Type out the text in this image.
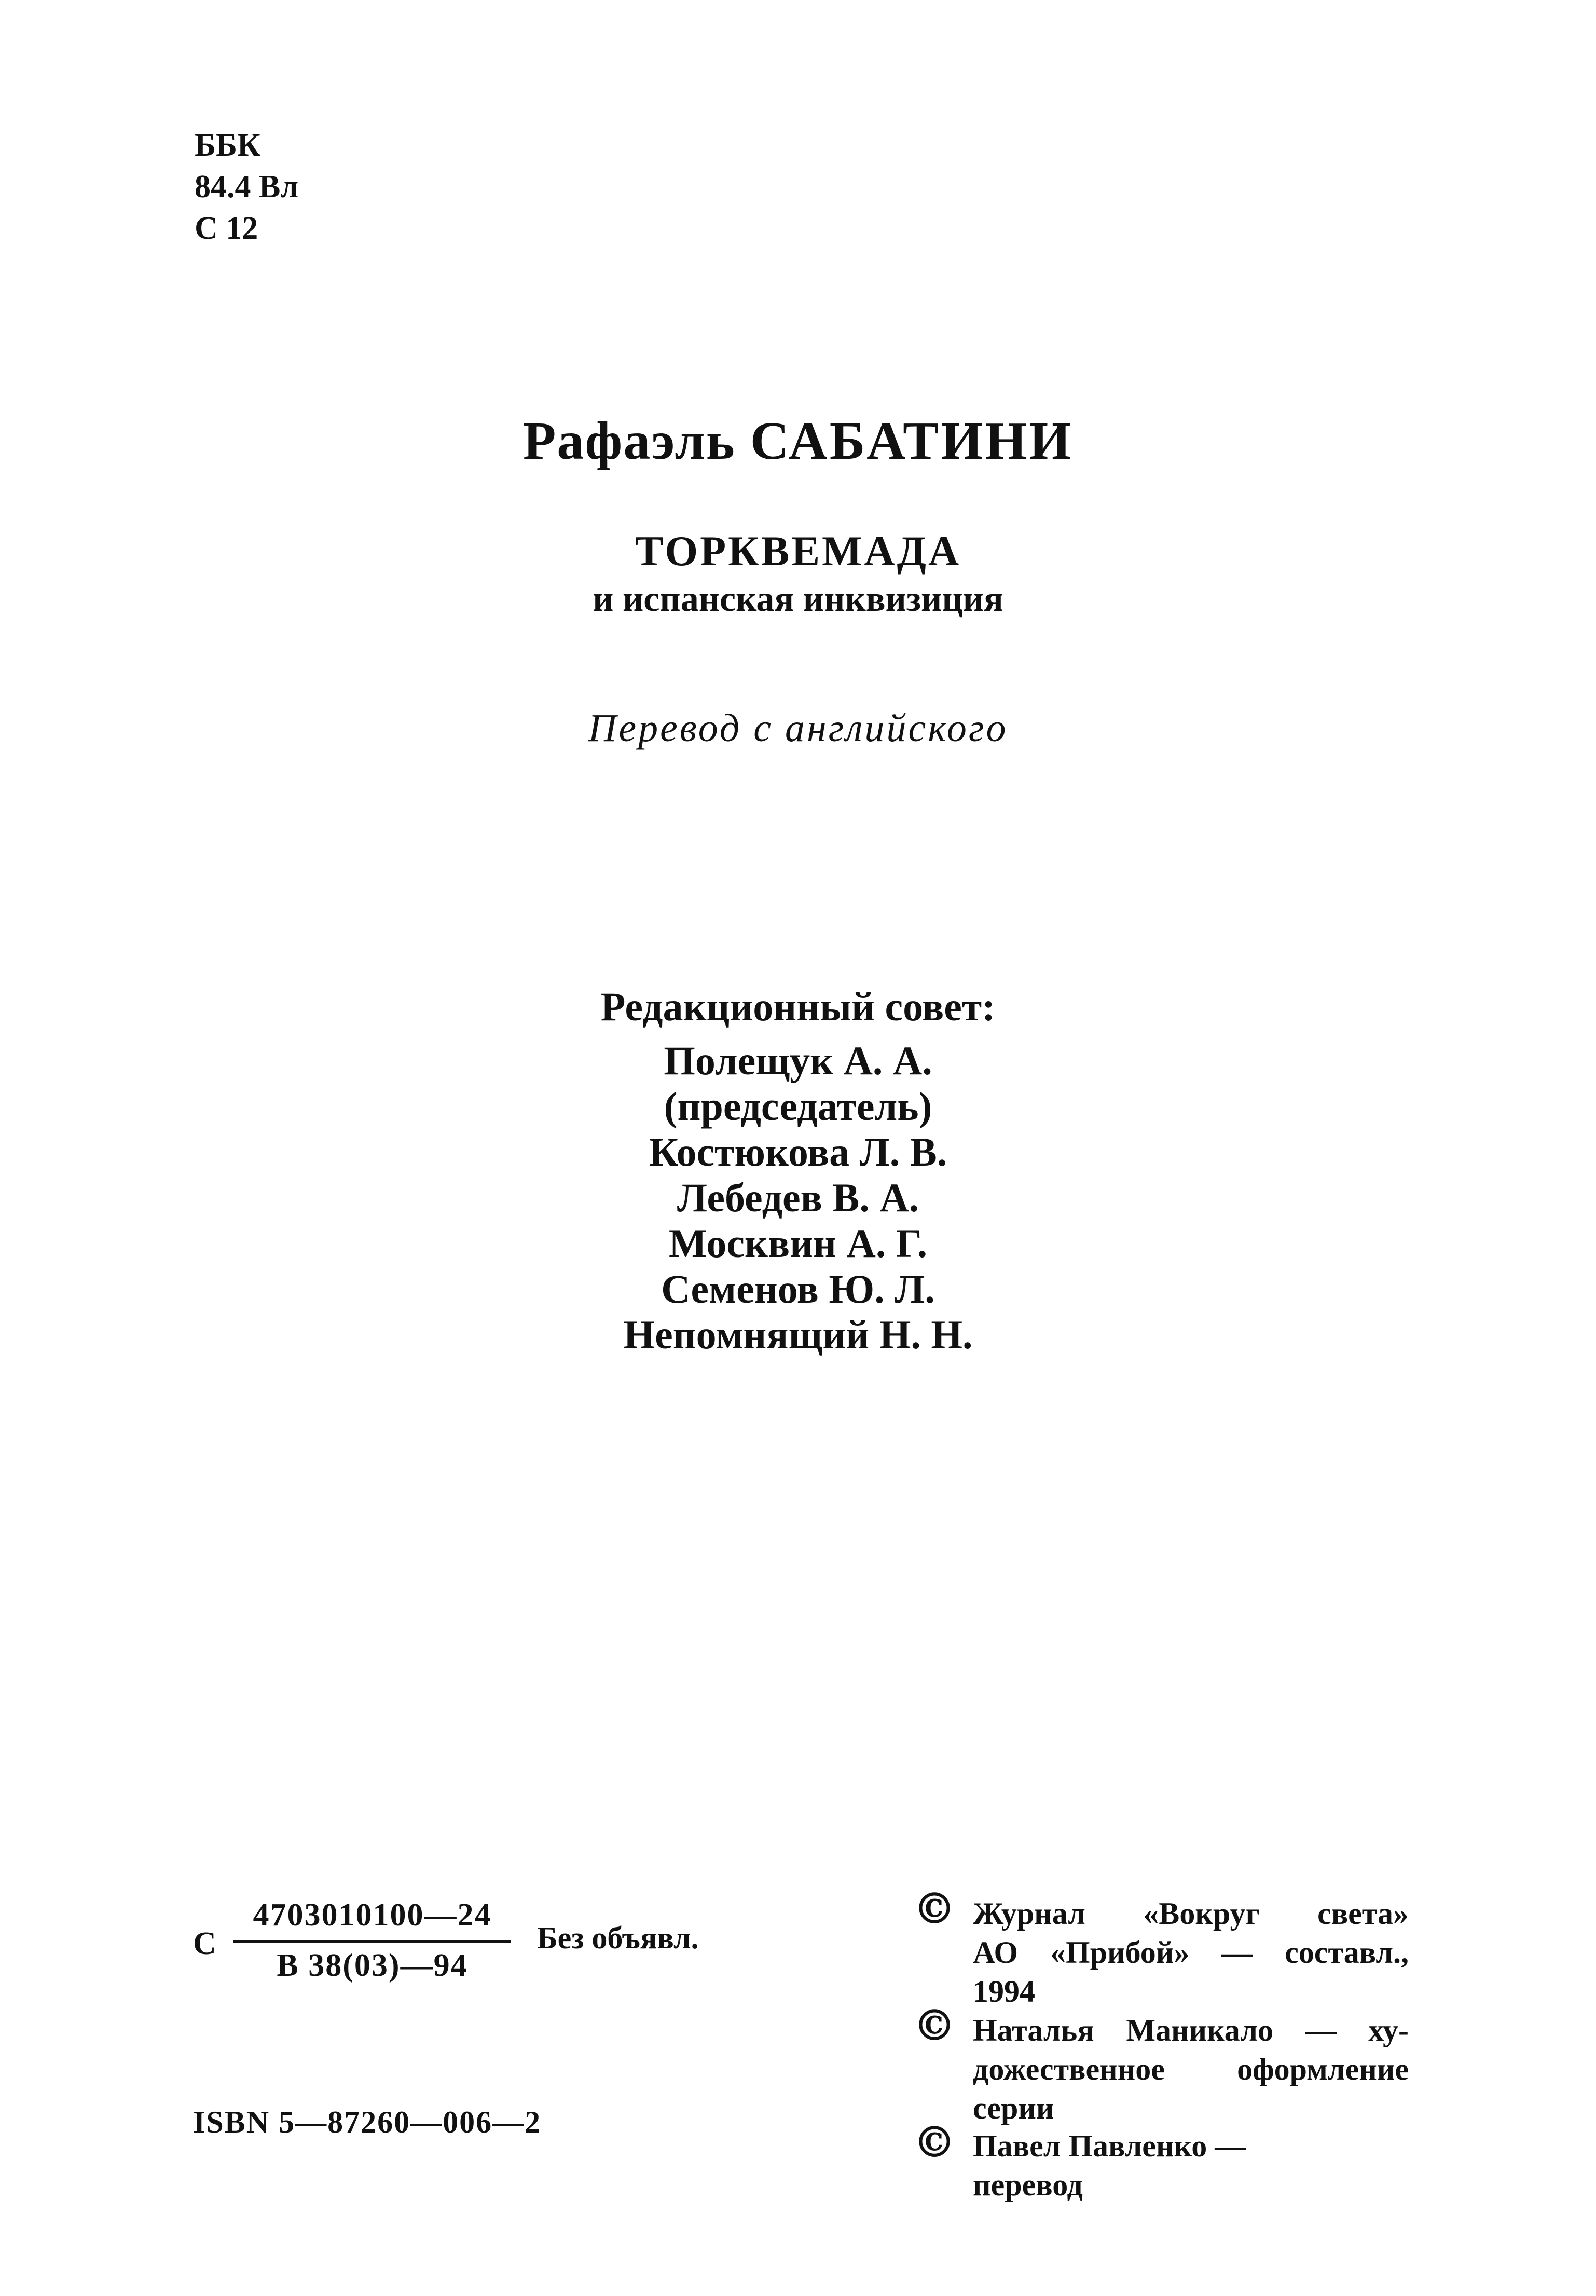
ББК
84.4 Вл
С 12
Рафаэль САБАТИНИ
ТОРКВЕМАДА
и испанская инквизиция
Перевод с английского
Редакционный совет:
Полещук А. А.
(председатель)
Костюкова Л. В.
Лебедев В. А.
Москвин А. Г.
Семенов Ю. Л.
Непомнящий Н. Н.
С
4703010100—24
В 38(03)—94
Без объявл.
ISBN 5—87260—006—2
© Журнал «Вокруг света»
АО «Прибой» — составл.,
1994
© Наталья Маникало — ху-
дожественное оформление
серии
© Павел Павленко —
перевод
